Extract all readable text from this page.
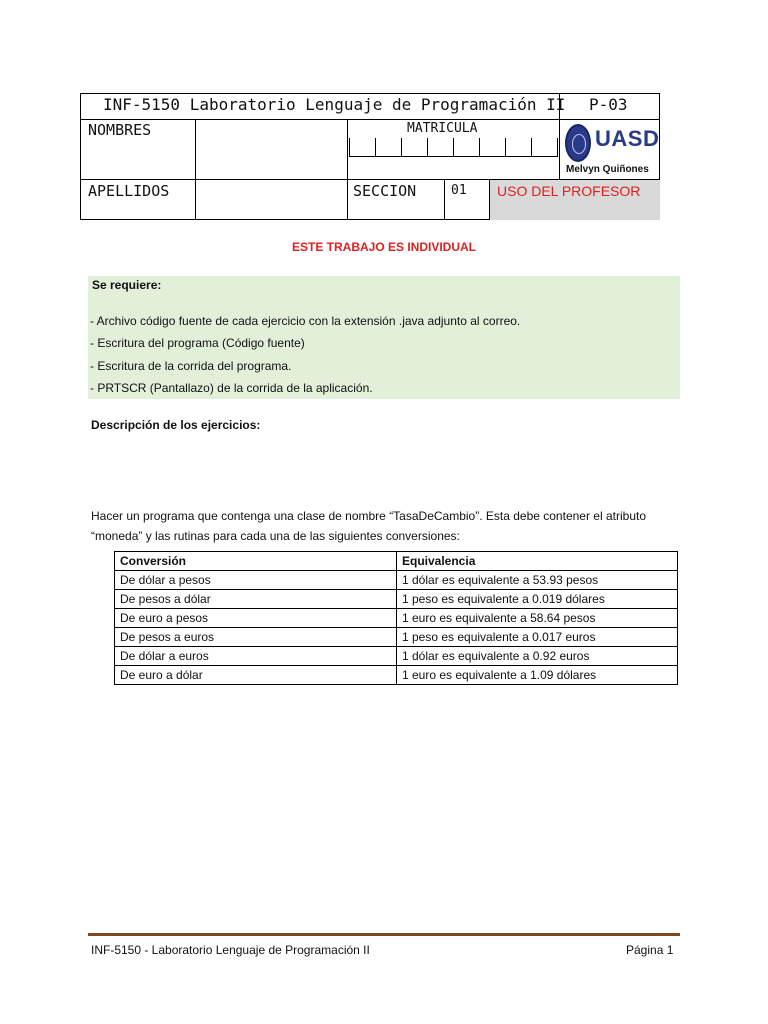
INF-5150 Laboratorio Lenguaje de Programación II P-03
NOMBRES	MATRICULA	UASD
Melvyn Quiñones
APELLIDOS	SECCION	01 USO DEL PROFESOR
ESTE TRABAJO ES INDIVIDUAL
Se requiere:
- Archivo código fuente de cada ejercicio con la extensión .java adjunto al correo.
- Escritura del programa (Código fuente)
- Escritura de la corrida del programa.
- PRTSCR (Pantallazo) de la corrida de la aplicación.
Descripción de los ejercicios:
Hacer un programa que contenga una clase de nombre “TasaDeCambio”. Esta debe contener el atributo “moneda” y las rutinas para cada una de las siguientes conversiones:
Conversión	Equivalencia
De dólar a pesos	1 dólar es equivalente a 53.93 pesos
De pesos a dólar	1 peso es equivalente a 0.019 dólares
De euro a pesos	1 euro es equivalente a 58.64 pesos
De pesos a euros	1 peso es equivalente a 0.017 euros
De dólar a euros	1 dólar es equivalente a 0.92 euros
De euro a dólar	1 euro es equivalente a 1.09 dólares
INF-5150 - Laboratorio Lenguaje de Programación II	Página 1
